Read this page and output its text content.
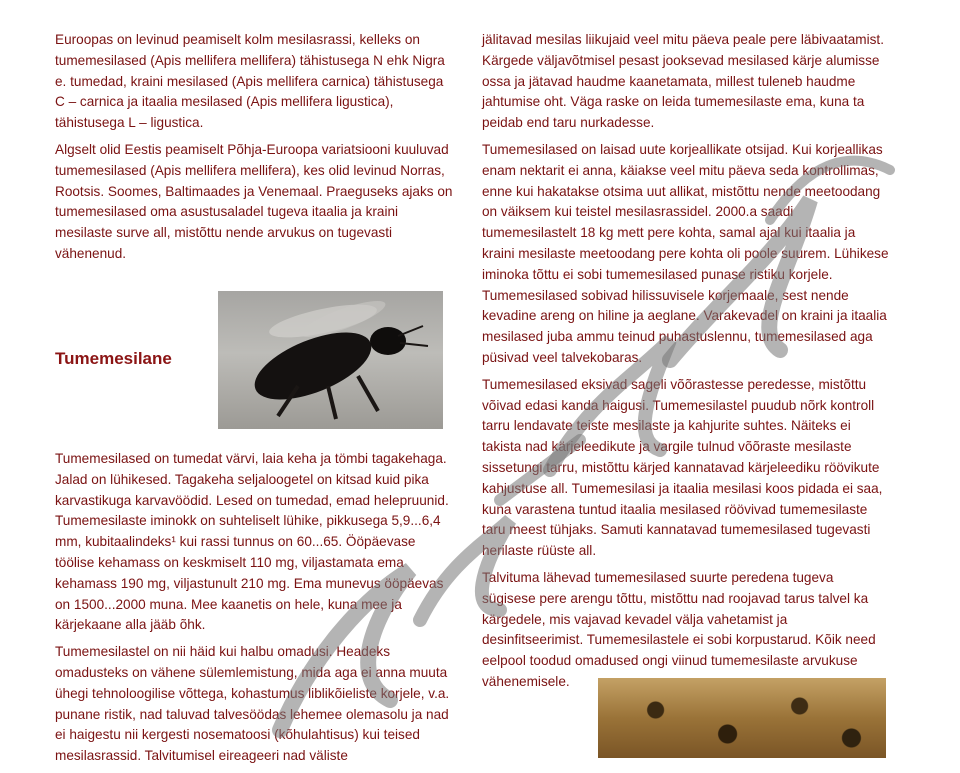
Euroopas on levinud peamiselt kolm mesilasrassi, kelleks on tumemesilased (Apis mellifera mellifera) tähistusega N ehk Nigra e. tumedad, kraini mesilased (Apis mellifera carnica) tähistusega C – carnica ja itaalia mesilased (Apis mellifera ligustica), tähistusega L – ligustica.

Algselt olid Eestis peamiselt Põhja-Euroopa variatsiooni kuuluvad tumemesilased (Apis mellifera mellifera), kes olid levinud Norras, Rootsis. Soomes, Baltimaades ja Venemaal. Praeguseks ajaks on tumemesilased oma asustusaladel tugeva itaalia ja kraini mesilaste surve all, mistõttu nende arvukus on tugevasti vähenenud.

Tumemesilane

Tumemesilased on tumedat värvi, laia keha ja tömbi tagakehaga. Jalad on lühikesed. Tagakeha seljaloogetel on kitsad kuid pika karvastikuga karvavöödid. Lesed on tumedad, emad helepruunid. Tumemesilaste iminokk on suhteliselt lühike, pikkusega 5,9...6,4 mm, kubitaalindeks¹ kui rassi tunnus on 60...65. Ööpäevase töölise kehamass on keskmiselt 110 mg, viljastamata ema kehamass 190 mg, viljastunult 210 mg. Ema munevus ööpäevas on 1500...2000 muna. Mee kaanetis on hele, kuna mee ja kärjekaane alla jääb õhk.

Tumemesilastel on nii häid kui halbu omadusi. Headeks omadusteks on vähene sülemlemistung, mida aga ei anna muuta ühegi tehnoloogilise võttega, kohastumus liblikõieliste korjele, v.a. punane ristik, nad taluvad talvesöödas lehemee olemasolu ja nad ei haigestu nii kergesti nosematoosi (kõhulahtisus) kui teised mesilasrassid. Talvitumisel eireageeri nad väliste

jälitavad mesilas liikujaid veel mitu päeva peale pere läbivaatamist. Kärgede väljavõtmisel pesast jooksevad mesilased kärje alumisse ossa ja jätavad haudme kaanetamata, millest tuleneb haudme jahtumise oht. Väga raske on leida tumemesilaste ema, kuna ta peidab end taru nurkadesse.

Tumemesilased on laisad uute korjeallikate otsijad. Kui korjeallikas enam nektarit ei anna, käiakse veel mitu päeva seda kontrollimas, enne kui hakatakse otsima uut allikat, mistõttu nende meetoodang on väiksem kui teistel mesilasrassidel. 2000.a saadi tumemesilastelt 18 kg mett pere kohta, samal ajal kui itaalia ja kraini mesilaste meetoodang pere kohta oli poole suurem. Lühikese iminoka tõttu ei sobi tumemesilased punase ristiku korjele. Tumemesilased sobivad hilissuvisele korjemaale, sest nende kevadine areng on hiline ja aeglane. Varakevadel on kraini ja itaalia mesilased juba ammu teinud puhastuslennu, tumemesilased aga püsivad veel talvekobaras.

Tumemesilased eksivad sageli võõrastesse peredesse, mistõttu võivad edasi kanda haigusi. Tumemesilastel puudub nõrk kontroll tarru lendavate teiste mesilaste ja kahjurite suhtes. Näiteks ei takista nad kärjeleedikute ja vargile tulnud võõraste mesilaste sissetungi tarru, mistõttu kärjed kannatavad kärjeleediku röövikute kahjustuse all. Tumemesilasi ja itaalia mesilasi koos pidada ei saa, kuna varastena tuntud itaalia mesilased röövivad tumemesilaste taru meest tühjaks. Samuti kannatavad tumemesilased tugevasti herilaste rüüste all.

Talvituma lähevad tumemesilased suurte peredena tugeva sügisese pere arengu tõttu, mistõttu nad roojavad tarus talvel ka kärgedele, mis vajavad kevadel välja vahetamist ja desinfitseerimist. Tumemesilastele ei sobi korpustarud. Kõik need eelpool toodud omadused ongi viinud tumemesilaste arvukuse vähenemisele.
